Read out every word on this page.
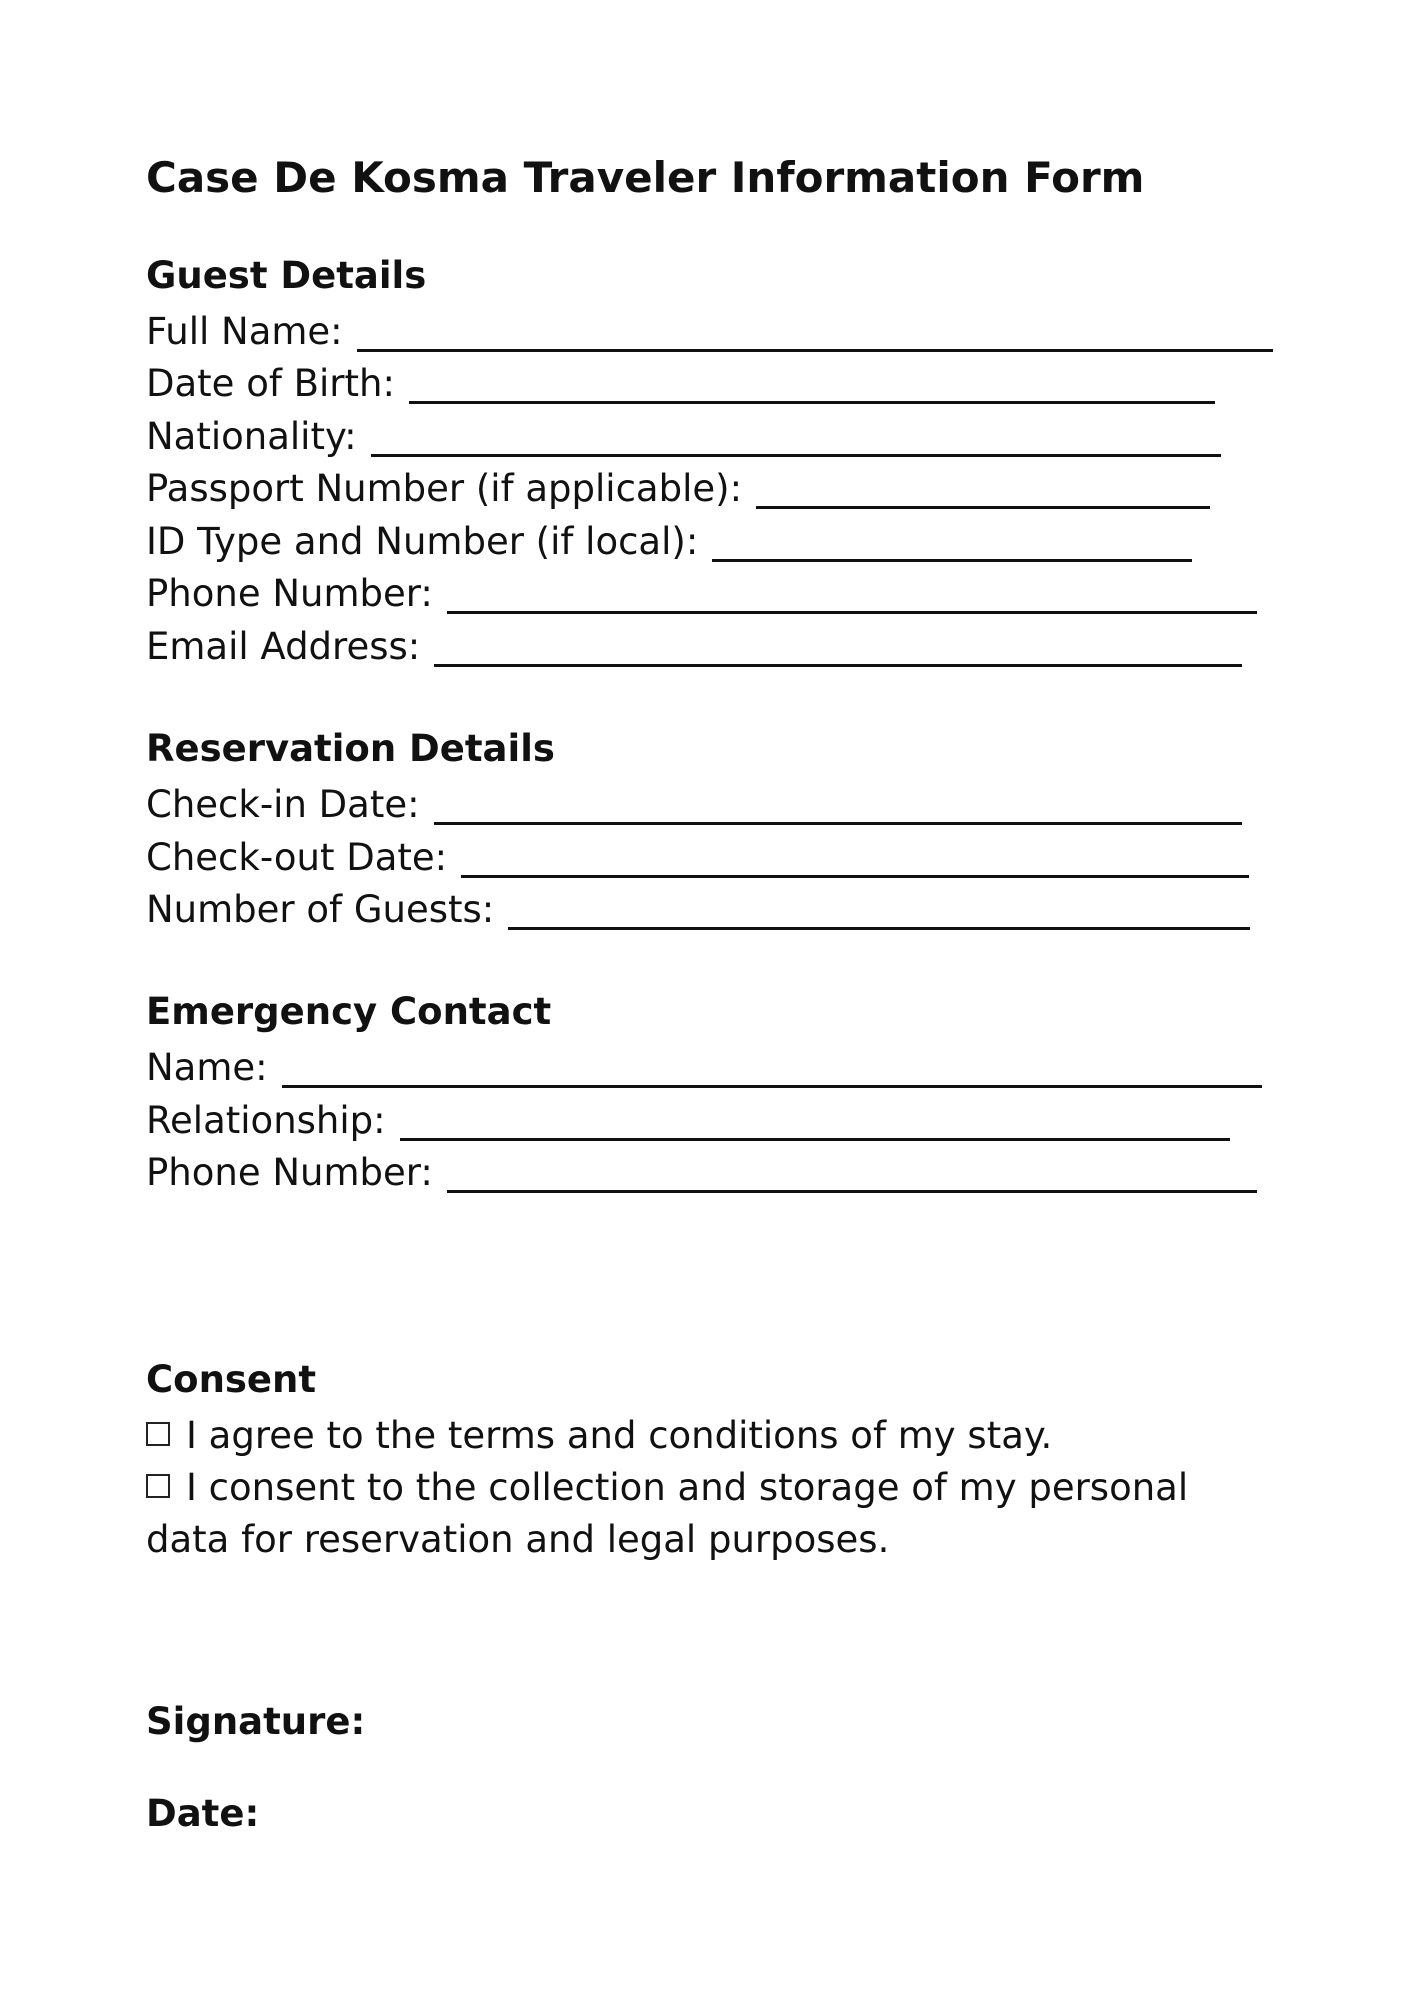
Case De Kosma Traveler Information Form
Guest Details
Full Name:
Date of Birth:
Nationality:
Passport Number (if applicable):
ID Type and Number (if local):
Phone Number:
Email Address:
Reservation Details
Check-in Date:
Check-out Date:
Number of Guests:
Emergency Contact
Name:
Relationship:
Phone Number:
Consent
I agree to the terms and conditions of my stay.
I consent to the collection and storage of my personal data for reservation and legal purposes.
Signature:
Date:
